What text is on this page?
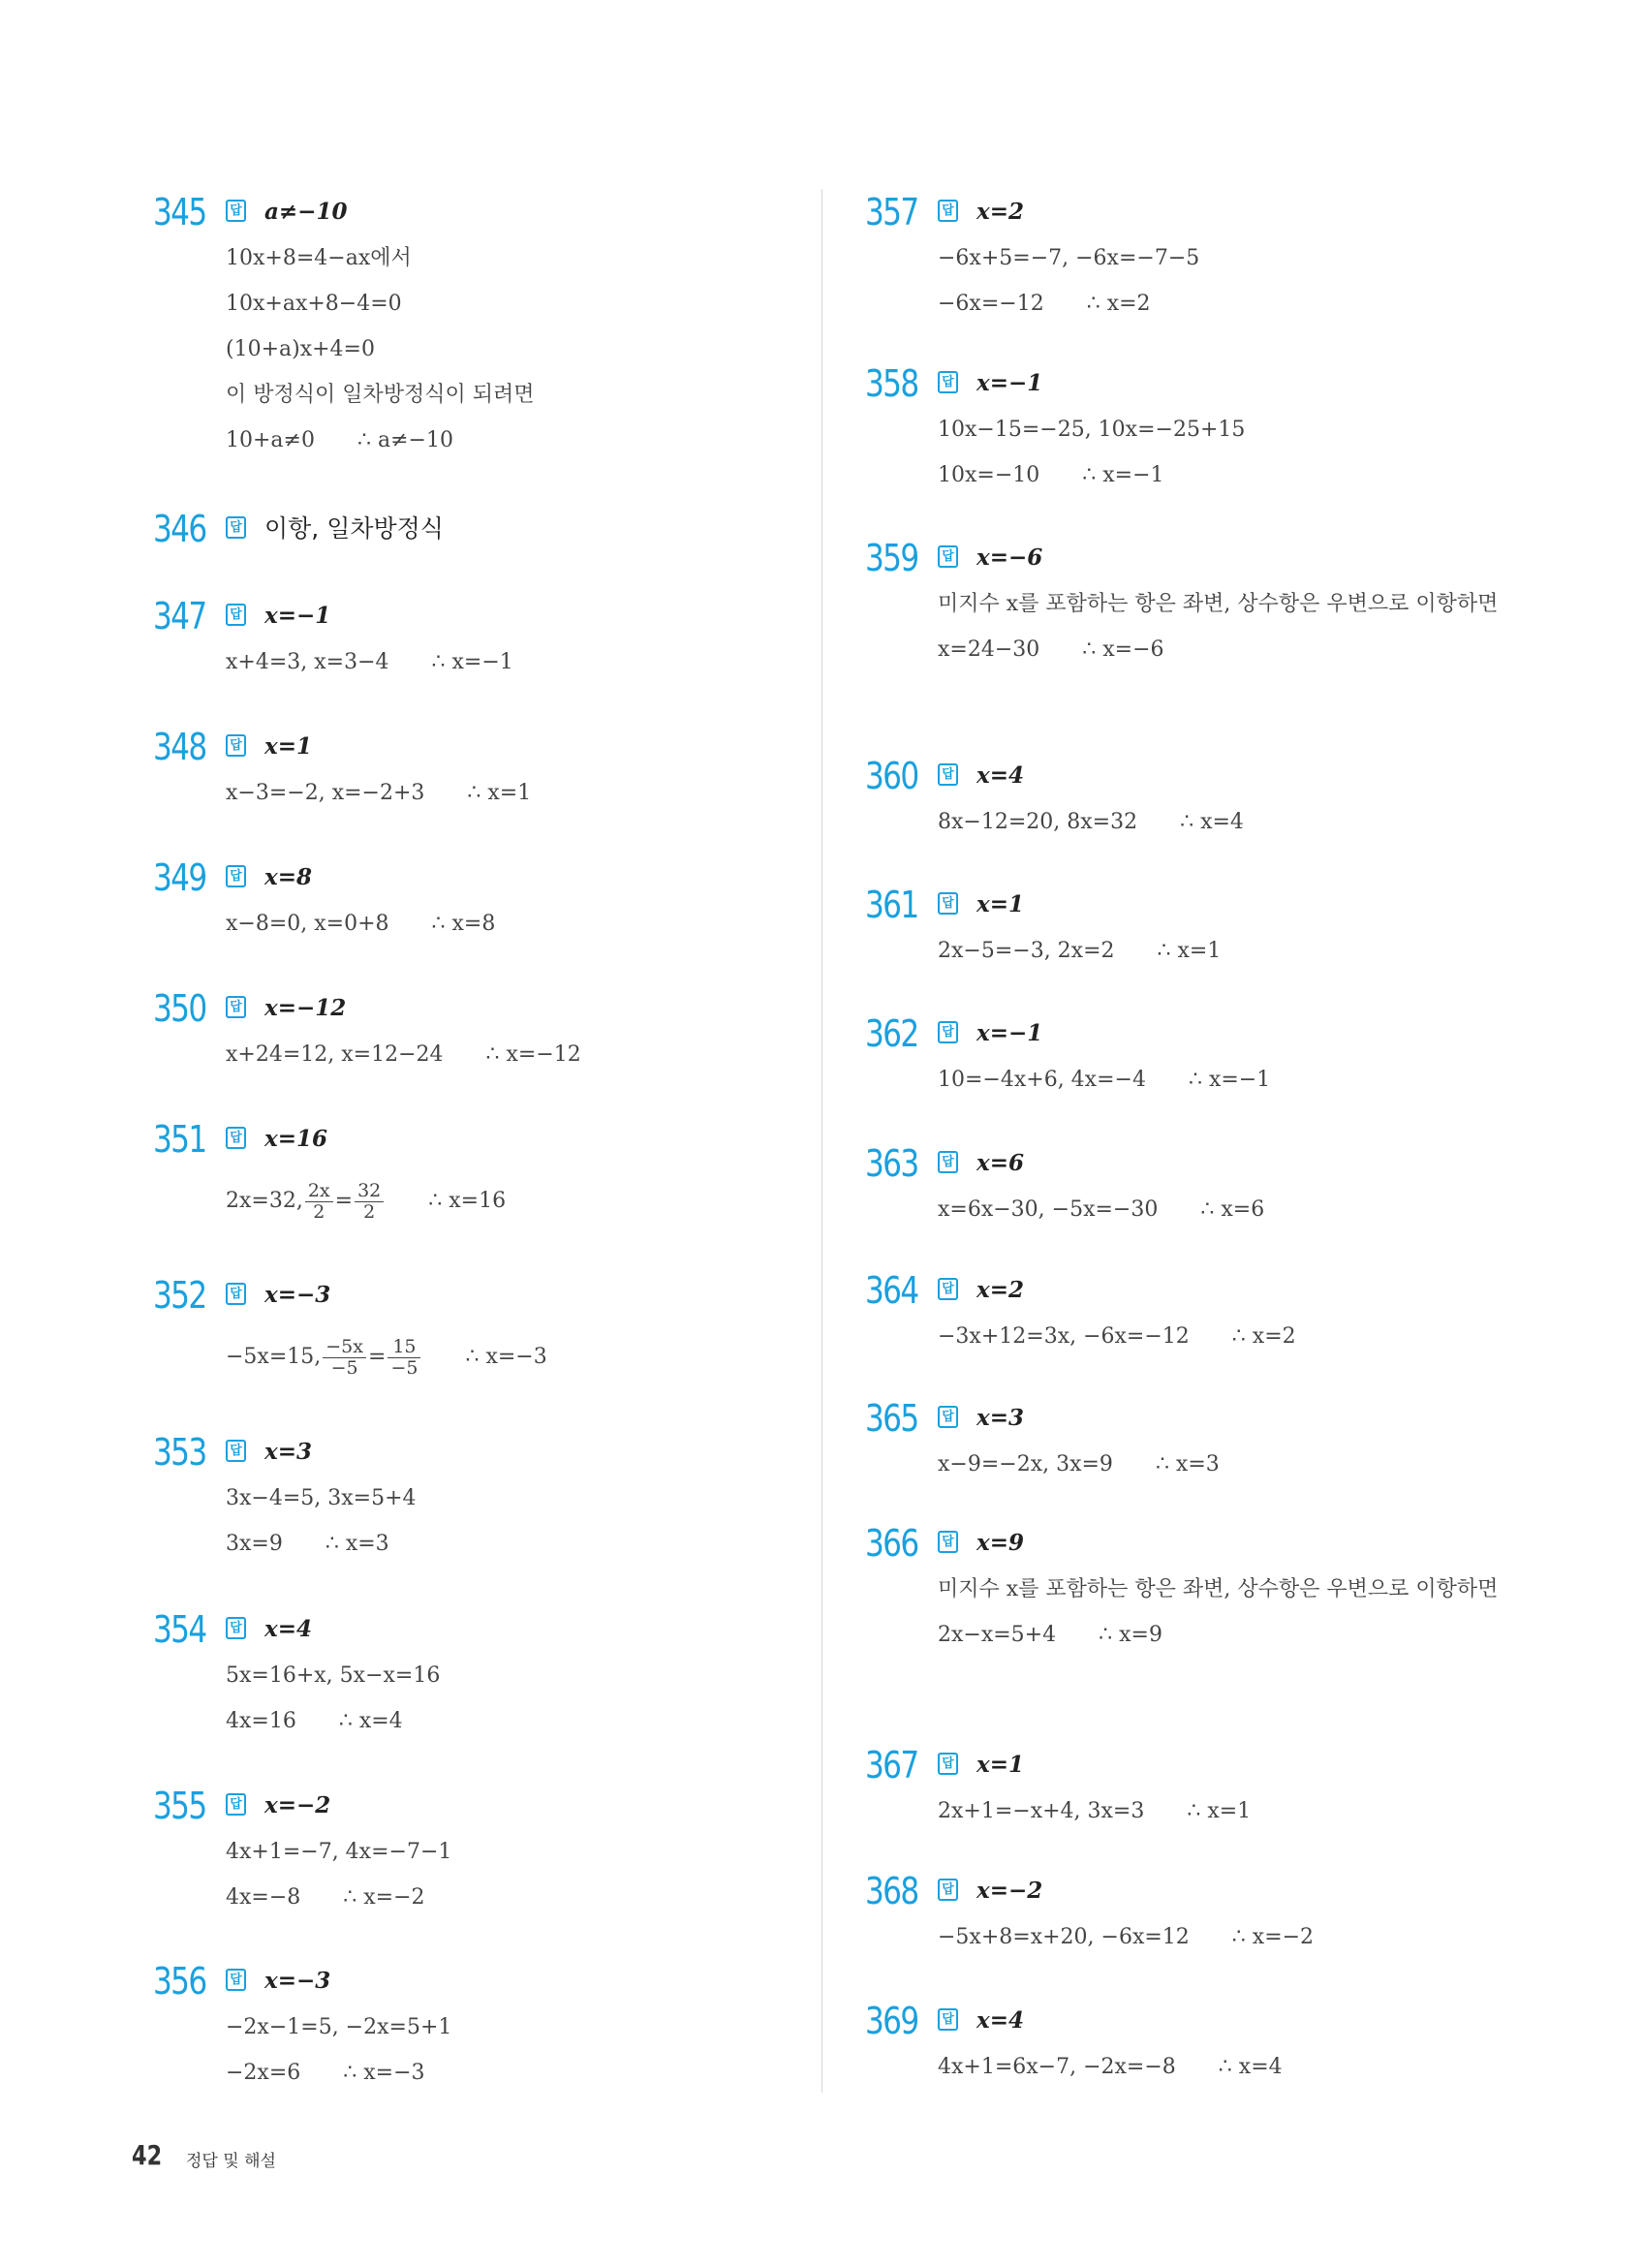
345	답 a≠−10
10x+8=4−ax에서
10x+ax+8−4=0
(10+a)x+4=0
이 방정식이 일차방정식이 되려면
10+a≠0 ∴ a≠−10
346	답 이항, 일차방정식
347	답 x=−1
x+4=3, x=3−4 ∴ x=−1
348	답 x=1
x−3=−2, x=−2+3 ∴ x=1
349	답 x=8
x−8=0, x=0+8 ∴ x=8
350	답 x=−12
x+24=12, x=12−24 ∴ x=−12
351	답 x=16
2x=32, $\frac{2x}{2} = \frac{32}{2}$ ∴ x=16
352	답 x=−3
−5x=15, $\frac{-5x}{-5} = \frac{15}{-5}$ ∴ x=−3
353	답 x=3
3x−4=5, 3x=5+4
3x=9 ∴ x=3
354	답 x=4
5x=16+x, 5x−x=16
4x=16 ∴ x=4
355	답 x=−2
4x+1=−7, 4x=−7−1
4x=−8 ∴ x=−2
356	답 x=−3
−2x−1=5, −2x=5+1
−2x=6 ∴ x=−3
357	답 x=2
−6x+5=−7, −6x=−7−5
−6x=−12 ∴ x=2
358	답 x=−1
10x−15=−25, 10x=−25+15
10x=−10 ∴ x=−1
359	답 x=−6
미지수 x를 포함하는 항은 좌변, 상수항은 우변으로 이항하면
x=24−30 ∴ x=−6
360	답 x=4
8x−12=20, 8x=32 ∴ x=4
361	답 x=1
2x−5=−3, 2x=2 ∴ x=1
362	답 x=−1
10=−4x+6, 4x=−4 ∴ x=−1
363	답 x=6
x=6x−30, −5x=−30 ∴ x=6
364	답 x=2
−3x+12=3x, −6x=−12 ∴ x=2
365	답 x=3
x−9=−2x, 3x=9 ∴ x=3
366	답 x=9
미지수 x를 포함하는 항은 좌변, 상수항은 우변으로 이항하면
2x−x=5+4 ∴ x=9
367	답 x=1
2x+1=−x+4, 3x=3 ∴ x=1
368	답 x=−2
−5x+8=x+20, −6x=12 ∴ x=−2
369	답 x=4
4x+1=6x−7, −2x=−8 ∴ x=4
42 정답 및 해설
